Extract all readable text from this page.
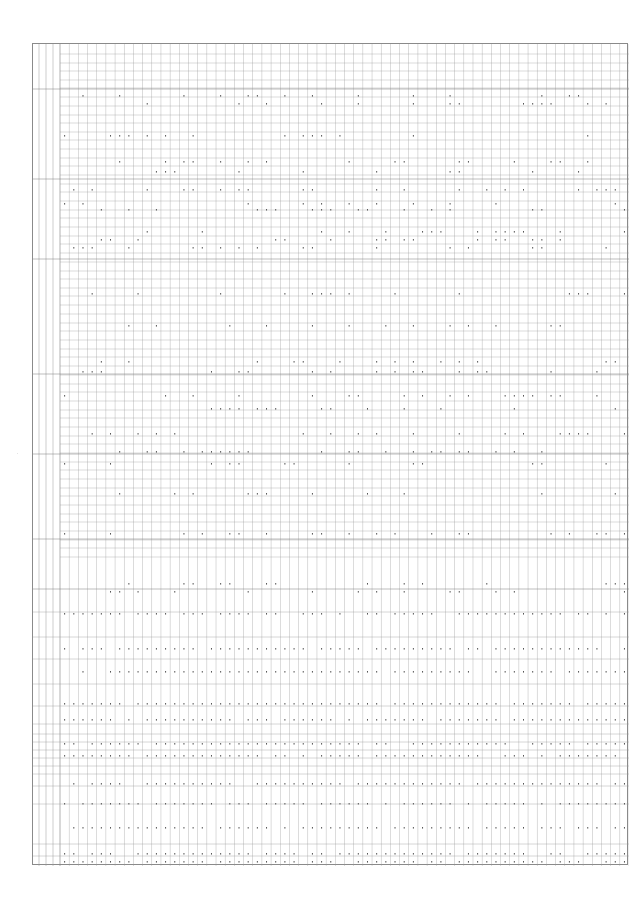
'
